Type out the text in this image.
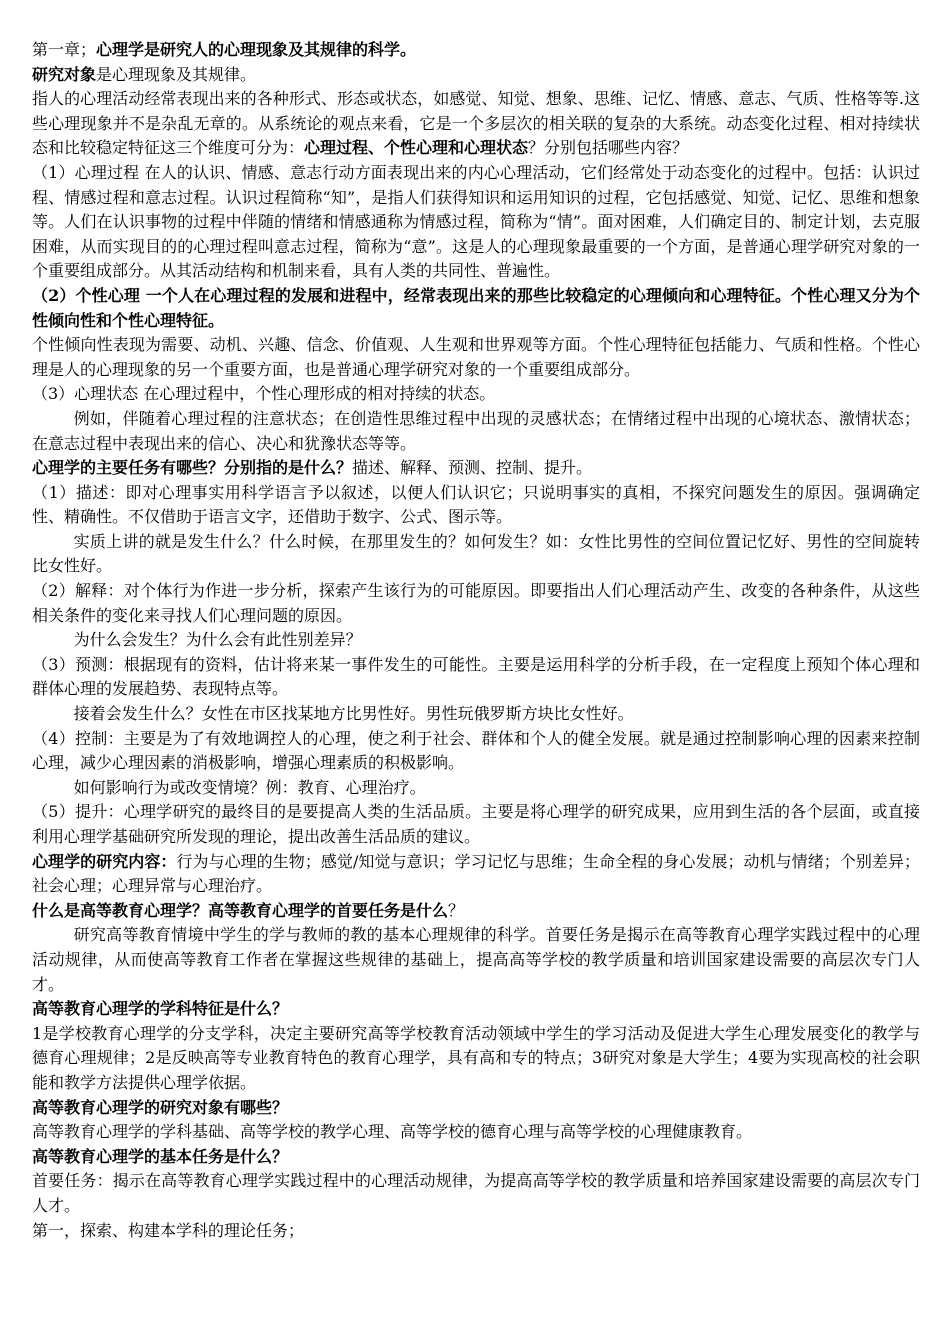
第一章；心理学是研究人的心理现象及其规律的科学。

研究对象是心理现象及其规律。

指人的心理活动经常表现出来的各种形式、形态或状态，如感觉、知觉、想象、思维、记忆、情感、意志、气质、性格等等.这些心理现象并不是杂乱无章的。从系统论的观点来看，它是一个多层次的相关联的复杂的大系统。动态变化过程、相对持续状态和比较稳定特征这三个维度可分为：心理过程、个性心理和心理状态？分别包括哪些内容？

（1）心理过程 在人的认识、情感、意志行动方面表现出来的内心心理活动，它们经常处于动态变化的过程中。包括：认识过程、情感过程和意志过程。认识过程简称“知”，是指人们获得知识和运用知识的过程，它包括感觉、知觉、记忆、思维和想象等。人们在认识事物的过程中伴随的情绪和情感通称为情感过程，简称为“情”。面对困难，人们确定目的、制定计划，去克服困难，从而实现目的的心理过程叫意志过程，简称为“意”。这是人的心理现象最重要的一个方面，是普通心理学研究对象的一个重要组成部分。从其活动结构和机制来看，具有人类的共同性、普遍性。

（2）个性心理 一个人在心理过程的发展和进程中，经常表现出来的那些比较稳定的心理倾向和心理特征。个性心理又分为个性倾向性和个性心理特征。

个性倾向性表现为需要、动机、兴趣、信念、价值观、人生观和世界观等方面。个性心理特征包括能力、气质和性格。个性心理是人的心理现象的另一个重要方面，也是普通心理学研究对象的一个重要组成部分。

（3）心理状态 在心理过程中，个性心理形成的相对持续的状态。

例如，伴随着心理过程的注意状态；在创造性思维过程中出现的灵感状态；在情绪过程中出现的心境状态、激情状态；在意志过程中表现出来的信心、决心和犹豫状态等等。

心理学的主要任务有哪些？分别指的是什么？描述、解释、预测、控制、提升。

（1）描述：即对心理事实用科学语言予以叙述，以便人们认识它；只说明事实的真相，不探究问题发生的原因。强调确定性、精确性。不仅借助于语言文字，还借助于数字、公式、图示等。

实质上讲的就是发生什么？什么时候，在那里发生的？如何发生？如：女性比男性的空间位置记忆好、男性的空间旋转比女性好。

（2）解释：对个体行为作进一步分析，探索产生该行为的可能原因。即要指出人们心理活动产生、改变的各种条件，从这些相关条件的变化来寻找人们心理问题的原因。

为什么会发生？为什么会有此性别差异？

（3）预测：根据现有的资料，估计将来某一事件发生的可能性。主要是运用科学的分析手段，在一定程度上预知个体心理和群体心理的发展趋势、表现特点等。

接着会发生什么？女性在市区找某地方比男性好。男性玩俄罗斯方块比女性好。

（4）控制：主要是为了有效地调控人的心理，使之利于社会、群体和个人的健全发展。就是通过控制影响心理的因素来控制心理，减少心理因素的消极影响，增强心理素质的积极影响。

如何影响行为或改变情境？例：教育、心理治疗。

（5）提升：心理学研究的最终目的是要提高人类的生活品质。主要是将心理学的研究成果，应用到生活的各个层面，或直接利用心理学基础研究所发现的理论，提出改善生活品质的建议。

心理学的研究内容：行为与心理的生物；感觉/知觉与意识；学习记忆与思维；生命全程的身心发展；动机与情绪；个别差异；社会心理；心理异常与心理治疗。

什么是高等教育心理学？高等教育心理学的首要任务是什么？

研究高等教育情境中学生的学与教师的教的基本心理规律的科学。首要任务是揭示在高等教育心理学实践过程中的心理活动规律，从而使高等教育工作者在掌握这些规律的基础上，提高高等学校的教学质量和培训国家建设需要的高层次专门人才。

高等教育心理学的学科特征是什么？

1是学校教育心理学的分支学科，决定主要研究高等学校教育活动领域中学生的学习活动及促进大学生心理发展变化的教学与德育心理规律；2是反映高等专业教育特色的教育心理学，具有高和专的特点；3研究对象是大学生；4要为实现高校的社会职能和教学方法提供心理学依据。

高等教育心理学的研究对象有哪些？

高等教育心理学的学科基础、高等学校的教学心理、高等学校的德育心理与高等学校的心理健康教育。

高等教育心理学的基本任务是什么？

首要任务：揭示在高等教育心理学实践过程中的心理活动规律，为提高高等学校的教学质量和培养国家建设需要的高层次专门人才。

第一，探索、构建本学科的理论任务；
